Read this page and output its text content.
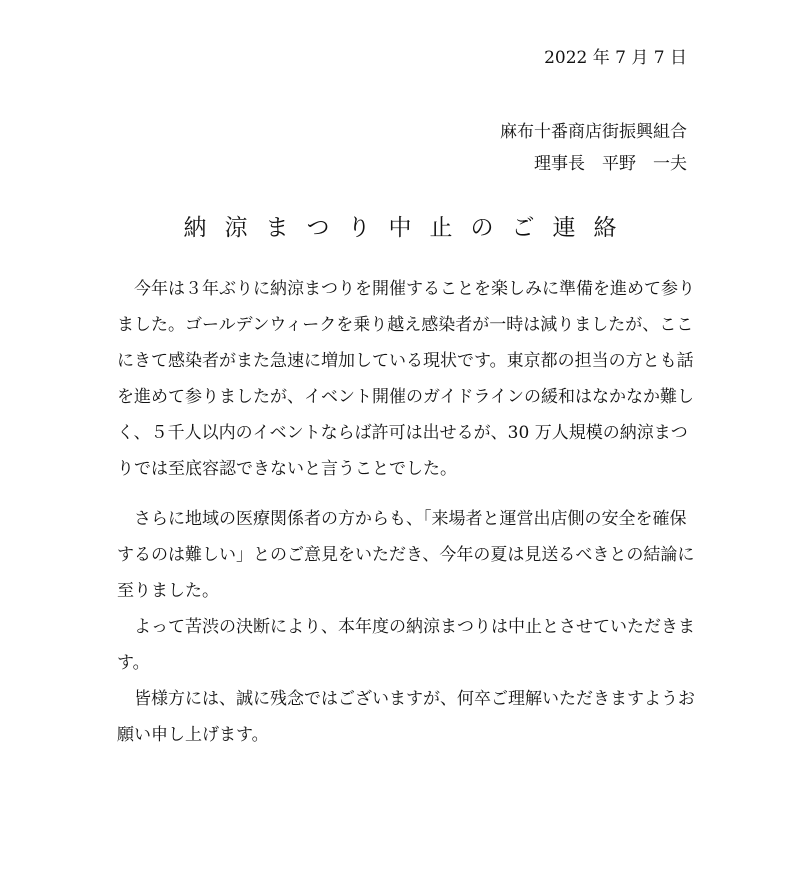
2022 年 7 月 7 日
麻布十番商店街振興組合
理事長　平野　一夫
納涼まつり中止のご連絡

今年は３年ぶりに納涼まつりを開催することを楽しみに準備を進めて参りました。ゴールデンウィークを乗り越え感染者が一時は減りましたが、ここにきて感染者がまた急速に増加している現状です。東京都の担当の方とも話を進めて参りましたが、イベント開催のガイドラインの緩和はなかなか難しく、５千人以内のイベントならば許可は出せるが、30 万人規模の納涼まつりでは至底容認できないと言うことでした。

さらに地域の医療関係者の方からも、「来場者と運営出店側の安全を確保するのは難しい」とのご意見をいただき、今年の夏は見送るべきとの結論に至りました。

よって苦渋の決断により、本年度の納涼まつりは中止とさせていただきます。

皆様方には、誠に残念ではございますが、何卒ご理解いただきますようお願い申し上げます。
